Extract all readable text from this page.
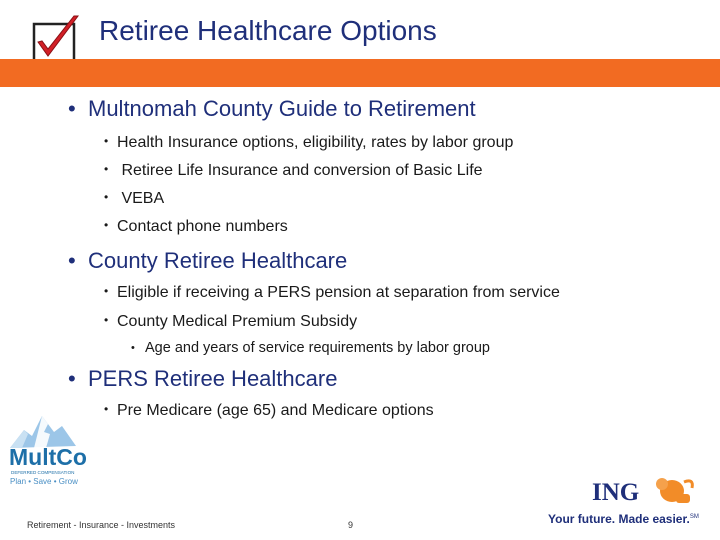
Retiree Healthcare Options
• Multnomah County Guide to Retirement
• Health Insurance options, eligibility, rates by labor group
• Retiree Life Insurance and conversion of Basic Life
• VEBA
• Contact phone numbers
• County Retiree Healthcare
• Eligible if receiving a PERS pension at separation from service
• County Medical Premium Subsidy
• Age and years of service requirements by labor group
• PERS Retiree Healthcare
• Pre Medicare (age 65) and Medicare options
MultCo
DEFERRED COMPENSATION
Plan • Save • Grow	ING
Your future. Made easier.℠
Retirement - Insurance - Investments	9
